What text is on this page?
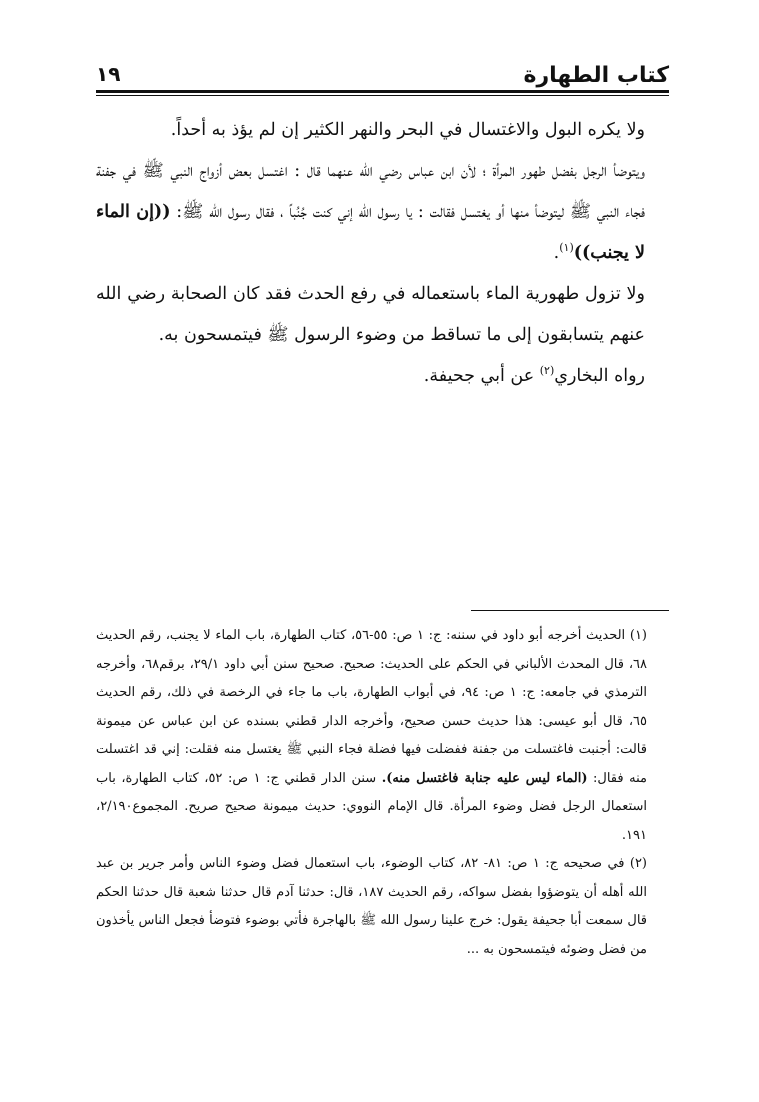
١٩	كتاب الطهارة

ولا يكره البول والاغتسال في البحر والنهر الكثير إن لم يؤذ به أحداً.

ويتوضأ الرجل بفضل طهور المرأة ؛ لأن ابن عباس رضي الله عنهما قال : اغتسل بعض أزواج النبي ﷺ في جفنة فجاء النبي ﷺ ليتوضأ منها أو يغتسل فقالت : يا رسول الله إني كنت جُنُباً ، فقال رسول الله ﷺ: ((إن الماء لا يجنب))$^{(١)}$.

ولا تزول طهورية الماء باستعماله في رفع الحدث فقد كان الصحابة رضي الله عنهم يتسابقون إلى ما تساقط من وضوء الرسول ﷺ فيتمسحون به.

رواه البخاري$^{(٢)}$ عن أبي جحيفة.

(١) الحديث أخرجه أبو داود في سننه: ج: ١ ص: ٥٥-٥٦، كتاب الطهارة، باب الماء لا يجنب، رقم الحديث ٦٨، قال المحدث الألباني في الحكم على الحديث: صحيح. صحيح سنن أبي داود ٢٩/١، برقم٦٨، وأخرجه الترمذي في جامعه: ج: ١ ص: ٩٤، في أبواب الطهارة، باب ما جاء في الرخصة في ذلك، رقم الحديث ٦٥، قال أبو عيسى: هذا حديث حسن صحيح، وأخرجه الدار قطني بسنده عن ابن عباس عن ميمونة قالت: أجنبت فاغتسلت من جفنة ففضلت فيها فضلة فجاء النبي ﷺ يغتسل منه فقلت: إني قد اغتسلت منه فقال: (الماء ليس عليه جنابة فاغتسل منه). سنن الدار قطني ج: ١ ص: ٥٢، كتاب الطهارة، باب استعمال الرجل فضل وضوء المرأة. قال الإمام النووي: حديث ميمونة صحيح صريح. المجموع٢/١٩٠، ١٩١.

(٢) في صحيحه ج: ١ ص: ٨١- ٨٢، كتاب الوضوء، باب استعمال فضل وضوء الناس وأمر جرير بن عبد الله أهله أن يتوضؤوا بفضل سواكه، رقم الحديث ١٨٧، قال: حدثنا آدم قال حدثنا شعبة قال حدثنا الحكم قال سمعت أبا جحيفة يقول: خرج علينا رسول الله ﷺ بالهاجرة فأتي بوضوء فتوضأ فجعل الناس يأخذون من فضل وضوئه فيتمسحون به ...
